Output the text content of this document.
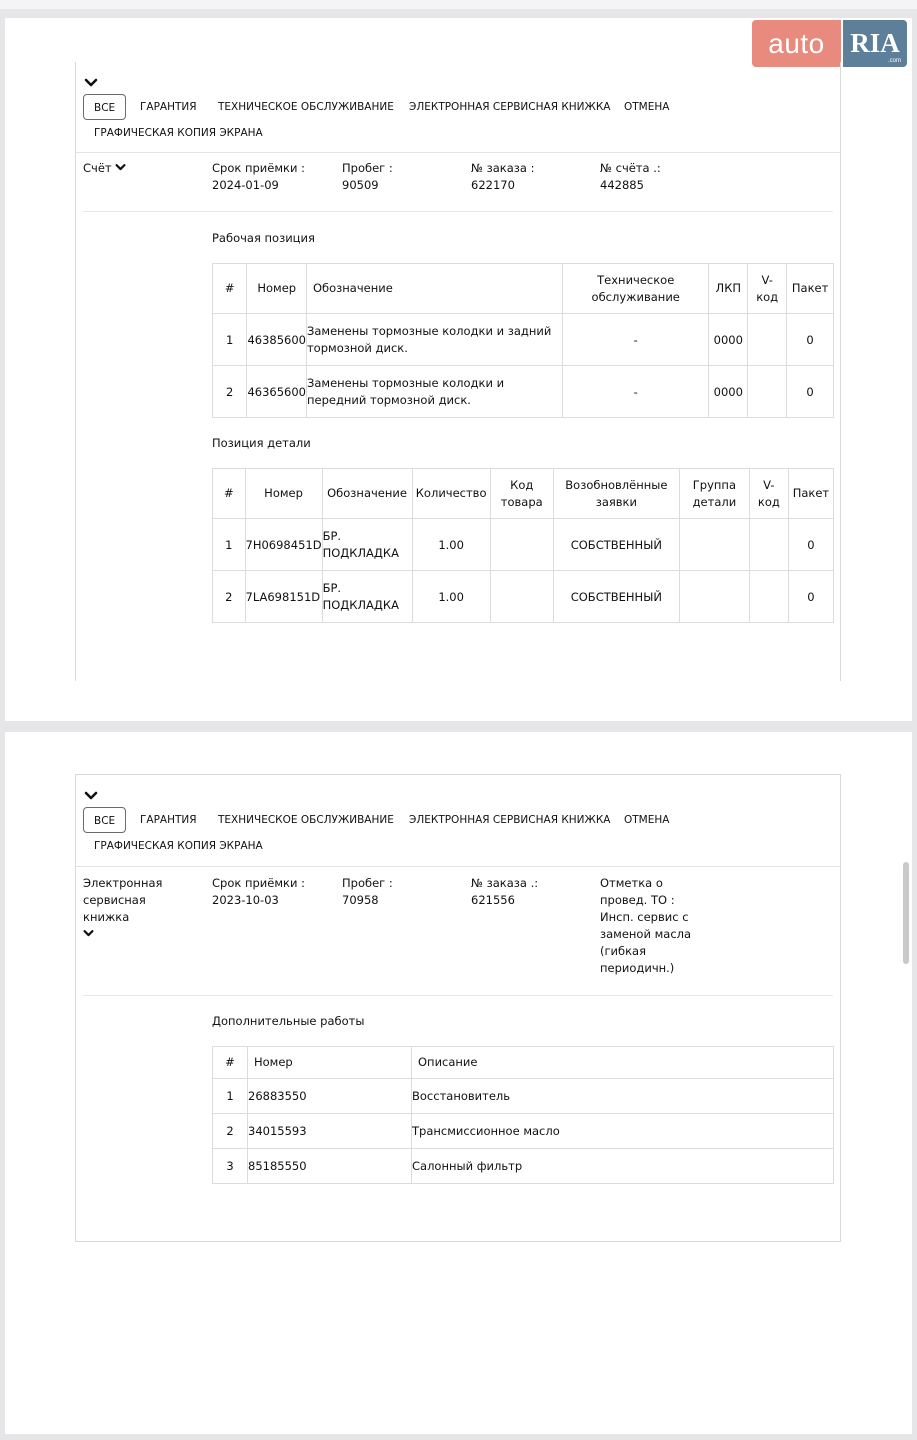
auto RIA
.com
ВСЕ	ГАРАНТИЯ ТЕХНИЧЕСКОЕ ОБСЛУЖИВАНИЕ ЭЛЕКТРОННАЯ СЕРВИСНАЯ КНИЖКА ОТМЕНА
ГРАФИЧЕСКАЯ КОПИЯ ЭКРАНА
Счёт	Срок приёмки :
2024-01-09
Пробег :
90509
№ заказа :
622170
№ счёта .:
442885
Рабочая позиция
#	Номер	Обозначение	Техническое обслуживание	ЛКП	V-код	Пакет
1	46385600	Заменены тормозные колодки и задний тормозной диск.	-	0000		0
2	46365600	Заменены тормозные колодки и передний тормозной диск.	-	0000		0
Позиция детали
#	Номер	Обозначение	Количество	Код товара	Возобновлённые заявки	Группа детали	V-код	Пакет
1	7H0698451D	БР. ПОДКЛАДКА	1.00		СОБСТВЕННЫЙ			0
2	7LA698151D	БР. ПОДКЛАДКА	1.00		СОБСТВЕННЫЙ			0
ВСЕ	ГАРАНТИЯ ТЕХНИЧЕСКОЕ ОБСЛУЖИВАНИЕ ЭЛЕКТРОННАЯ СЕРВИСНАЯ КНИЖКА ОТМЕНА
ГРАФИЧЕСКАЯ КОПИЯ ЭКРАНА
Электронная сервисная книжка
Срок приёмки :
2023-10-03
Пробег :
70958
№ заказа .:
621556
Отметка о провед. ТО :
Инсп. сервис с заменой масла (гибкая периодичн.)
Дополнительные работы
#	Номер	Описание
1	26883550	Восстановитель
2	34015593	Трансмиссионное масло
3	85185550	Салонный фильтр
